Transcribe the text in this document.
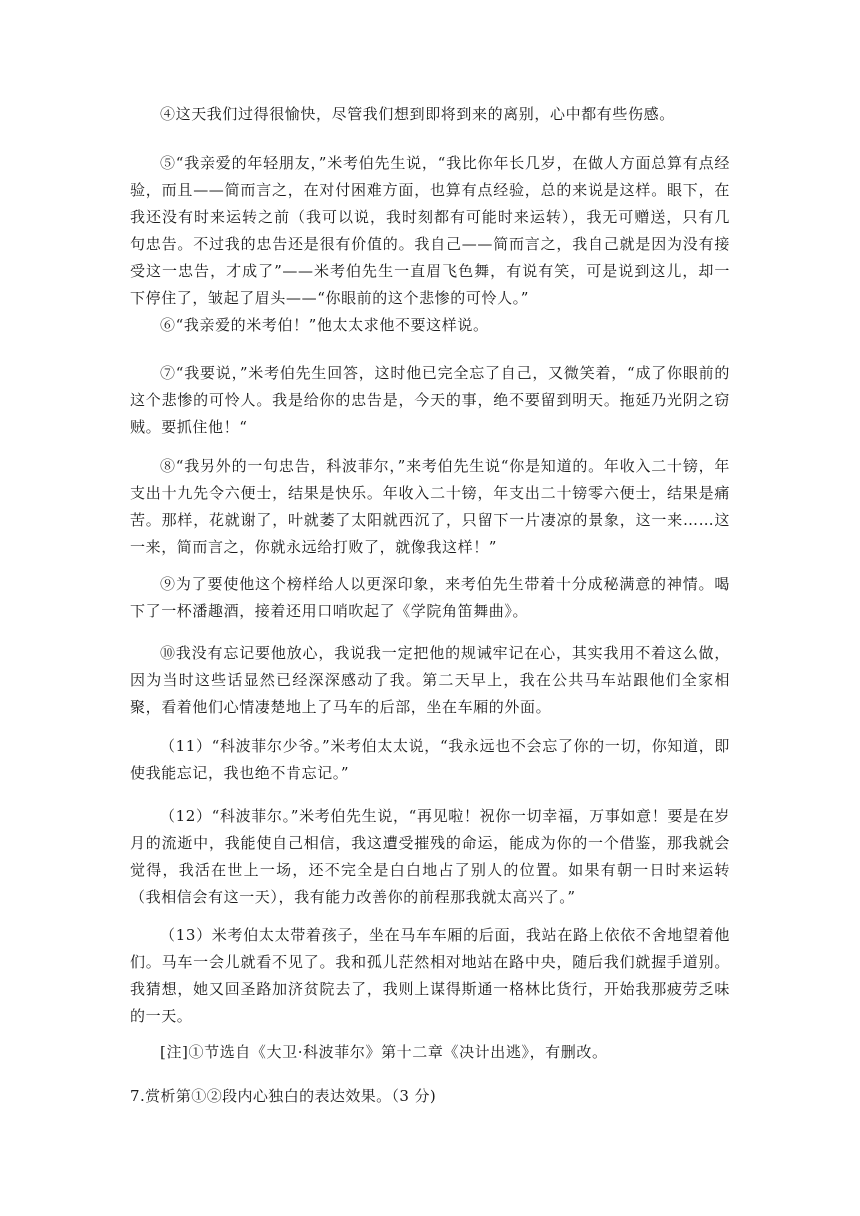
④这天我们过得很愉快，尽管我们想到即将到来的离别，心中都有些伤感。
⑤“我亲爱的年轻朋友，”米考伯先生说，“我比你年长几岁，在做人方面总算有点经验，而且——简而言之，在对付困难方面，也算有点经验，总的来说是这样。眼下，在我还没有时来运转之前（我可以说，我时刻都有可能时来运转），我无可赠送，只有几句忠告。不过我的忠告还是很有价值的。我自己——简而言之，我自己就是因为没有接受这一忠告，才成了”——米考伯先生一直眉飞色舞，有说有笑，可是说到这儿，却一下停住了，皱起了眉头——“你眼前的这个悲惨的可怜人。”
⑥“我亲爱的米考伯！”他太太求他不要这样说。
⑦“我要说，”米考伯先生回答，这时他已完全忘了自己，又微笑着，“成了你眼前的这个悲惨的可怜人。我是给你的忠告是，今天的事，绝不要留到明天。拖延乃光阴之窃贼。要抓住他！“
⑧“我另外的一句忠告，科波菲尔，”来考伯先生说“你是知道的。年收入二十镑，年支出十九先令六便士，结果是快乐。年收入二十镑，年支出二十镑零六便士，结果是痛苦。那样，花就谢了，叶就萎了太阳就西沉了，只留下一片凄凉的景象，这一来……这一来，简而言之，你就永远给打败了，就像我这样！”
⑨为了要使他这个榜样给人以更深印象，来考伯先生带着十分成秘满意的神情。喝下了一杯潘趣酒，接着还用口哨吹起了《学院角笛舞曲》。
⑩我没有忘记要他放心，我说我一定把他的规诫牢记在心，其实我用不着这么做，因为当时这些话显然已经深深感动了我。第二天早上，我在公共马车站跟他们全家相聚，看着他们心情凄楚地上了马车的后部，坐在车厢的外面。
（11）“科波菲尔少爷。”米考伯太太说，“我永远也不会忘了你的一切，你知道，即使我能忘记，我也绝不肯忘记。”
（12）“科波菲尔。”米考伯先生说，“再见啦！祝你一切幸福，万事如意！要是在岁月的流逝中，我能使自己相信，我这遭受摧残的命运，能成为你的一个借鉴，那我就会觉得，我活在世上一场，还不完全是白白地占了别人的位置。如果有朝一日时来运转（我相信会有这一天），我有能力改善你的前程那我就太高兴了。”
（13）米考伯太太带着孩子，坐在马车车厢的后面，我站在路上依依不舍地望着他们。马车一会儿就看不见了。我和孤儿茫然相对地站在路中央，随后我们就握手道别。我猜想，她又回圣路加济贫院去了，我则上谋得斯通一格林比货行，开始我那疲劳乏味的一天。
[注]①节选自《大卫·科波菲尔》第十二章《决计出逃》，有删改。
7.赏析第①②段内心独白的表达效果。（3 分)
